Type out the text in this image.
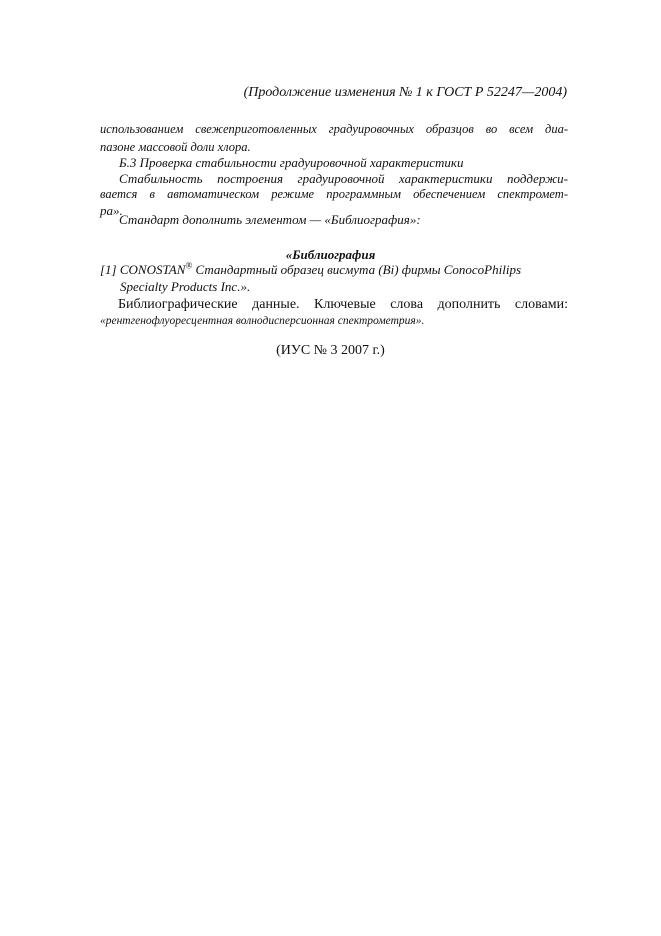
(Продолжение изменения № 1 к ГОСТ Р 52247—2004)
использованием свежеприготовленных градуировочных образцов во всем диа-
пазоне массовой доли хлора.
Б.3 Проверка стабильности градуировочной характеристики
Стабильность построения градуировочной характеристики поддержи-
вается в автоматическом режиме программным обеспечением спектромет-
ра».
Стандарт дополнить элементом — «Библиография»:
«Библиография
[1] CONOSTAN® Стандартный образец висмута (Bi) фирмы ConocoPhilips
Specialty Products Inc.».
Библиографические данные. Ключевые слова дополнить словами:
«рентгенофлуоресцентная волнодисперсионная спектрометрия».
(ИУС № 3 2007 г.)
